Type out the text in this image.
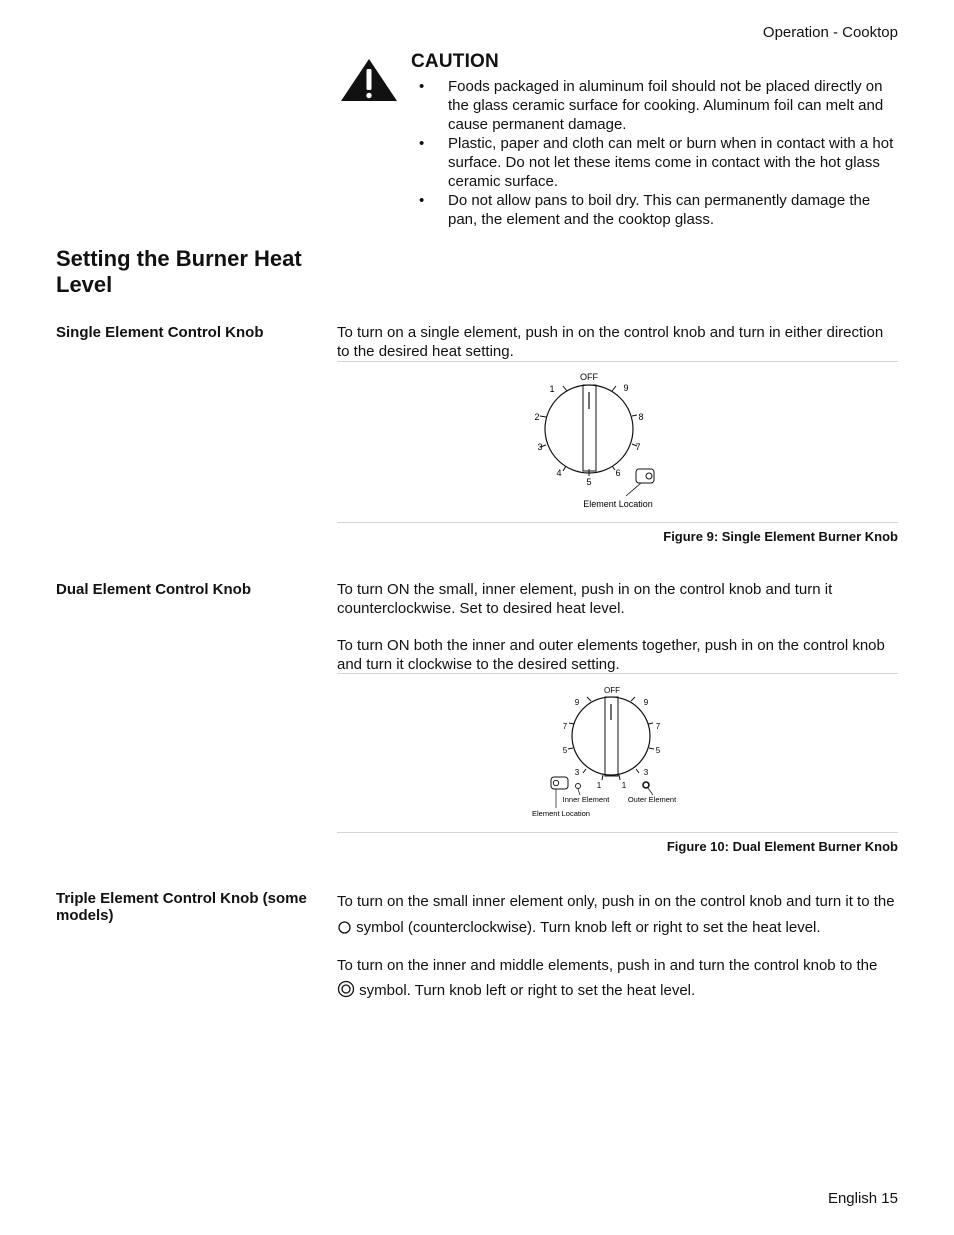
Operation - Cooktop
CAUTION
• Foods packaged in aluminum foil should not be placed directly on the glass ceramic surface for cooking. Aluminum foil can melt and cause permanent damage.
• Plastic, paper and cloth can melt or burn when in contact with a hot surface. Do not let these items come in contact with the hot glass ceramic surface.
• Do not allow pans to boil dry. This can permanently damage the pan, the element and the cooktop glass.
Setting the Burner Heat Level
Single Element Control Knob	To turn on a single element, push in on the control knob and turn in either direction to the desired heat setting.
OFF
1
2
3
4
5
6
7
8
9
Element Location
Figure 9: Single Element Burner Knob
Dual Element Control Knob	To turn ON the small, inner element, push in on the control knob and turn it counterclockwise. Set to desired heat level.
To turn ON both the inner and outer elements together, push in on the control knob and turn it clockwise to the desired setting.
OFF
9
7
5
3
1
9
7
5
3
1
Inner Element Outer Element
Element Location
Figure 10: Dual Element Burner Knob
Triple Element Control Knob (some models)
To turn on the small inner element only, push in on the control knob and turn it to the  symbol (counterclockwise). Turn knob left or right to set the heat level.
To turn on the inner and middle elements, push in and turn the control knob to the
symbol. Turn knob left or right to set the heat level.
English 15
